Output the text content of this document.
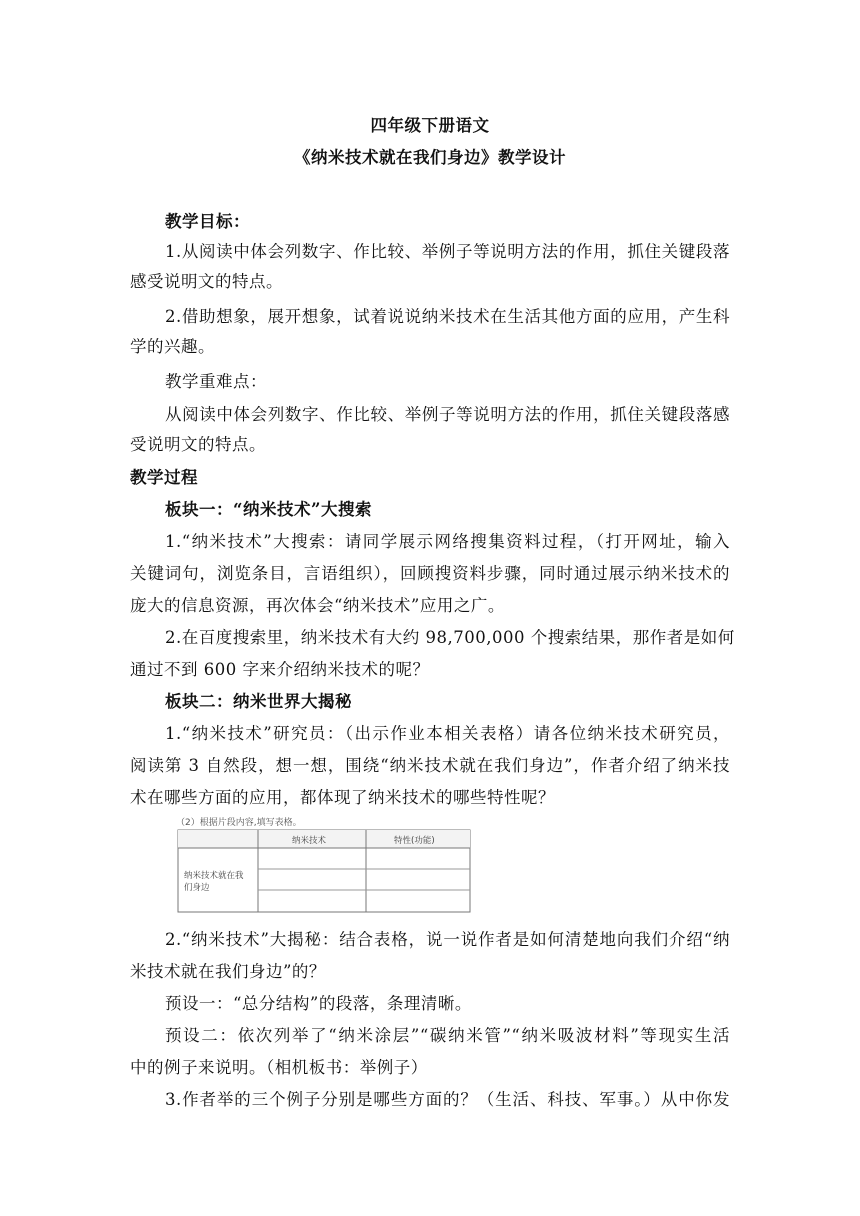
四年级下册语文
《纳米技术就在我们身边》教学设计
教学目标：
1.从阅读中体会列数字、作比较、举例子等说明方法的作用，抓住关键段落
感受说明文的特点。
2.借助想象，展开想象，试着说说纳米技术在生活其他方面的应用，产生科
学的兴趣。
教学重难点：
从阅读中体会列数字、作比较、举例子等说明方法的作用，抓住关键段落感
受说明文的特点。
教学过程
板块一：“纳米技术”大搜索
1.“纳米技术”大搜索：请同学展示网络搜集资料过程，（打开网址，输入
关键词句，浏览条目，言语组织），回顾搜资料步骤，同时通过展示纳米技术的
庞大的信息资源，再次体会“纳米技术”应用之广。
2.在百度搜索里，纳米技术有大约 98,700,000 个搜索结果，那作者是如何
通过不到 600 字来介绍纳米技术的呢？
板块二：纳米世界大揭秘
1.“纳米技术”研究员：（出示作业本相关表格）请各位纳米技术研究员，
阅读第 3 自然段，想一想，围绕“纳米技术就在我们身边”，作者介绍了纳米技
术在哪些方面的应用，都体现了纳米技术的哪些特性呢？
（2）根据片段内容,填写表格。
纳米技术	特性(功能)
纳米技术就在我
们身边
2.“纳米技术”大揭秘：结合表格，说一说作者是如何清楚地向我们介绍“纳
米技术就在我们身边”的？
预设一：“总分结构”的段落，条理清晰。
预设二：依次列举了“纳米涂层”“碳纳米管”“纳米吸波材料”等现实生活
中的例子来说明。（相机板书：举例子）
3.作者举的三个例子分别是哪些方面的？（生活、科技、军事。）从中你发
